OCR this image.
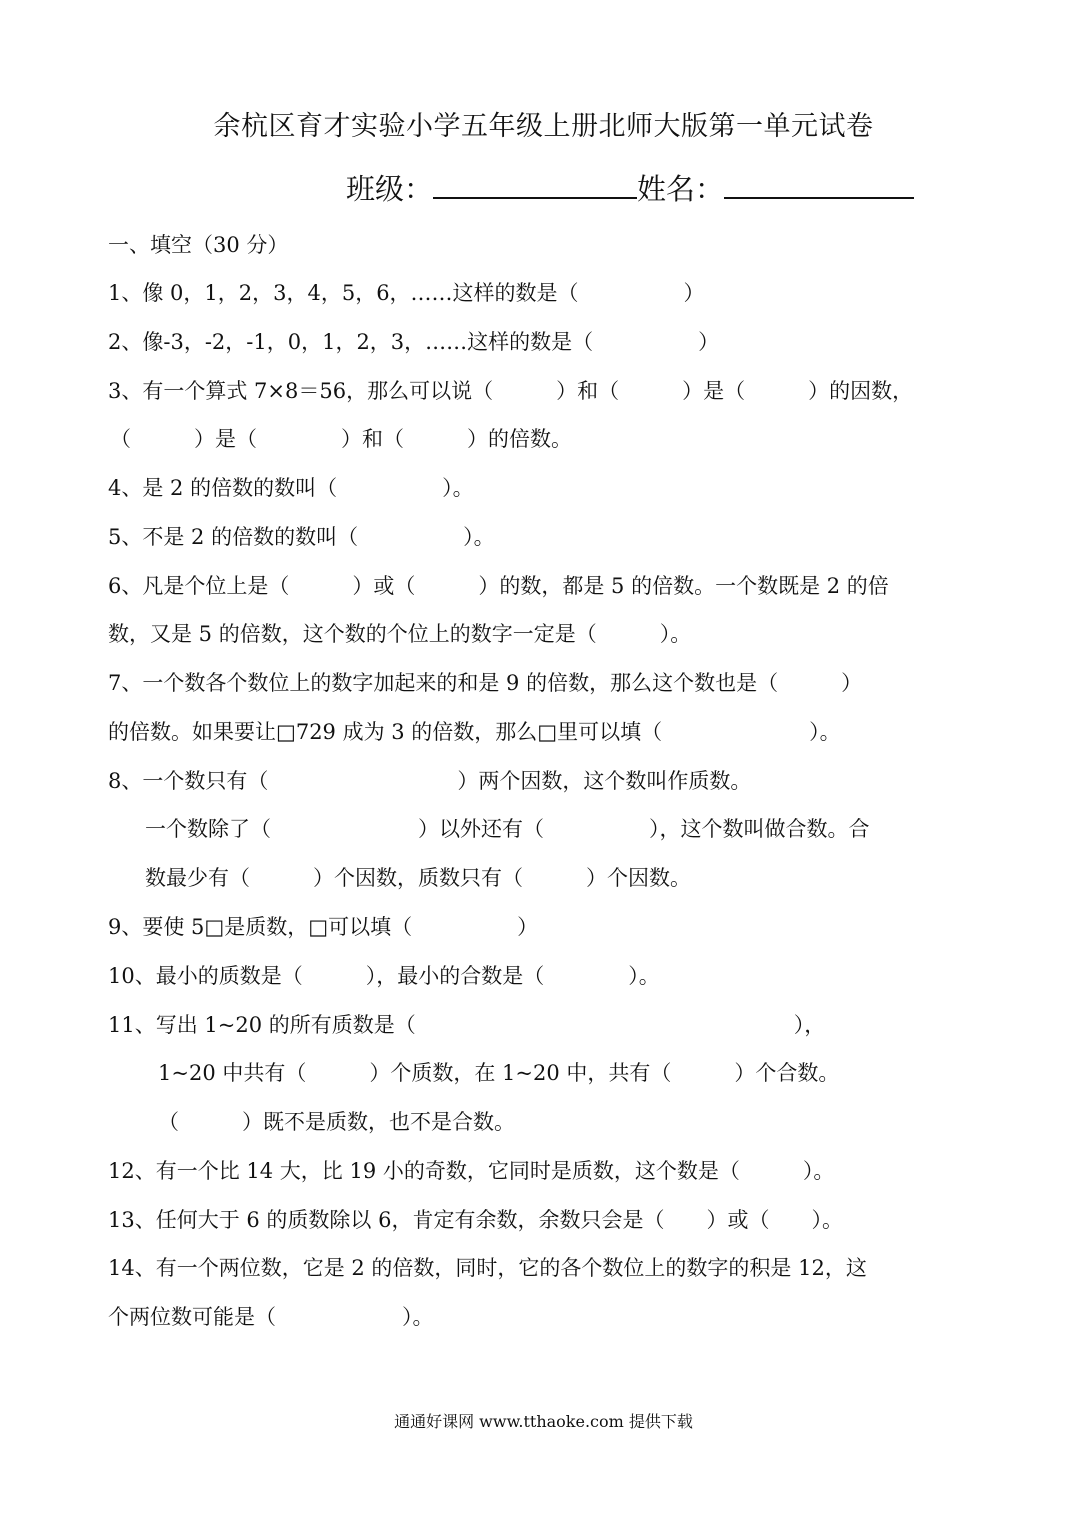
余杭区育才实验小学五年级上册北师大版第一单元试卷
班级：	姓名：
一、填空（30 分）
1、像 0，1，2，3，4，5，6，……这样的数是（　　　　　）
2、像-3，-2，-1，0，1，2，3，……这样的数是（　　　　　）
3、有一个算式 7×8＝56，那么可以说（　　　）和（　　　）是（　　　）的因数，
（　　　）是（　　　　）和（　　　）的倍数。
4、是 2 的倍数的数叫（　　　　　）。
5、不是 2 的倍数的数叫（　　　　　）。
6、凡是个位上是（　　　）或（　　　）的数，都是 5 的倍数。一个数既是 2 的倍
数，又是 5 的倍数，这个数的个位上的数字一定是（　　　）。
7、一个数各个数位上的数字加起来的和是 9 的倍数，那么这个数也是（　　　）
的倍数。如果要让□729 成为 3 的倍数，那么□里可以填（　　　　　　　）。
8、一个数只有（　　　　　　　　　）两个因数，这个数叫作质数。
一个数除了（　　　　　　　）以外还有（　　　　　），这个数叫做合数。合
数最少有（　　　）个因数，质数只有（　　　）个因数。
9、要使 5□是质数，□可以填（　　　　　）
10、最小的质数是（　　　），最小的合数是（　　　　）。
11、写出 1~20 的所有质数是（　　　　　　　　　　　　　　　　　　），
1~20 中共有（　　　）个质数，在 1~20 中，共有（　　　）个合数。
（　　　）既不是质数，也不是合数。
12、有一个比 14 大，比 19 小的奇数，它同时是质数，这个数是（　　　）。
13、任何大于 6 的质数除以 6，肯定有余数，余数只会是（　　）或（　　）。
14、有一个两位数，它是 2 的倍数，同时，它的各个数位上的数字的积是 12，这
个两位数可能是（　　　　　　）。
通通好课网 www.tthaoke.com 提供下载
